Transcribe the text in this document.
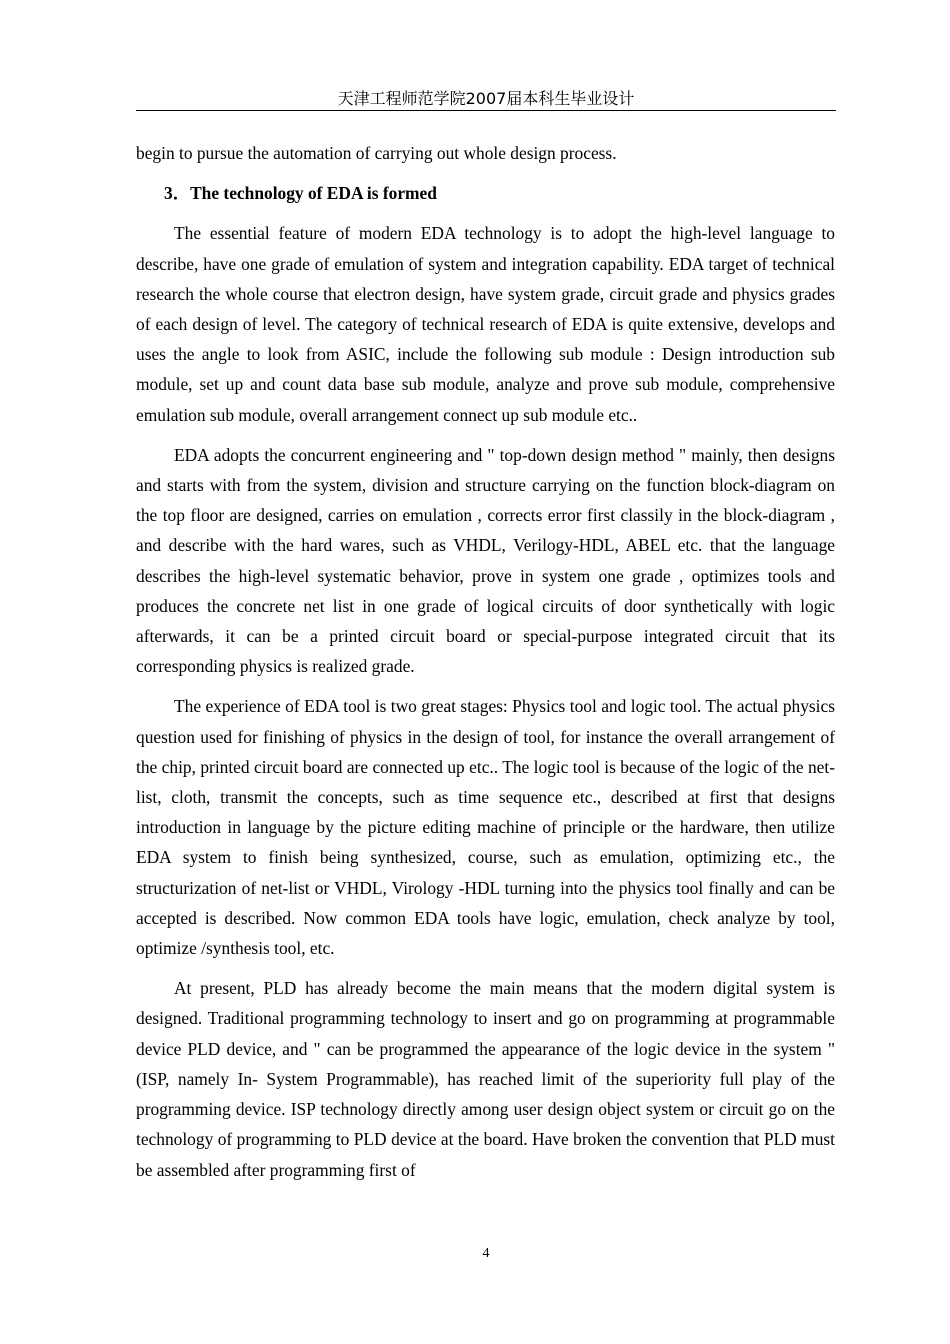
天津工程师范学院2007届本科生毕业设计

begin to pursue the automation of carrying out whole design process.

3．The technology of EDA is formed

The essential feature of modern EDA technology is to adopt the high-level language to describe, have one grade of emulation of system and integration capability. EDA target of technical research the whole course that electron design, have system grade, circuit grade and physics grades of each design of level. The category of technical research of EDA is quite extensive, develops and uses the angle to look from ASIC, include the following sub module : Design introduction sub module, set up and count data base sub module, analyze and prove sub module, comprehensive emulation sub module, overall arrangement connect up sub module etc..

EDA adopts the concurrent engineering and " top-down design method " mainly, then designs and starts with from the system, division and structure carrying on the function block-diagram on the top floor are designed, carries on emulation , corrects error first classily in the block-diagram , and describe with the hard wares, such as VHDL, Verilogy-HDL, ABEL etc. that the language describes the high-level systematic behavior, prove in system one grade , optimizes tools and produces the concrete net list in one grade of logical circuits of door synthetically with logic afterwards, it can be a printed circuit board or special-purpose integrated circuit that its corresponding physics is realized grade.

The experience of EDA tool is two great stages: Physics tool and logic tool. The actual physics question used for finishing of physics in the design of tool, for instance the overall arrangement of the chip, printed circuit board are connected up etc.. The logic tool is because of the logic of the net-list, cloth, transmit the concepts, such as time sequence etc., described at first that designs introduction in language by the picture editing machine of principle or the hardware, then utilize EDA system to finish being synthesized, course, such as emulation, optimizing etc., the structurization of net-list or VHDL, Virology -HDL turning into the physics tool finally and can be accepted is described. Now common EDA tools have logic, emulation, check analyze by tool, optimize /synthesis tool, etc.

At present, PLD has already become the main means that the modern digital system is designed. Traditional programming technology to insert and go on programming at programmable device PLD device, and " can be programmed the appearance of the logic device in the system " (ISP, namely In- System Programmable), has reached limit of the superiority full play of the programming device. ISP technology directly among user design object system or circuit go on the technology of programming to PLD device at the board. Have broken the convention that PLD must be assembled after programming first of

4
